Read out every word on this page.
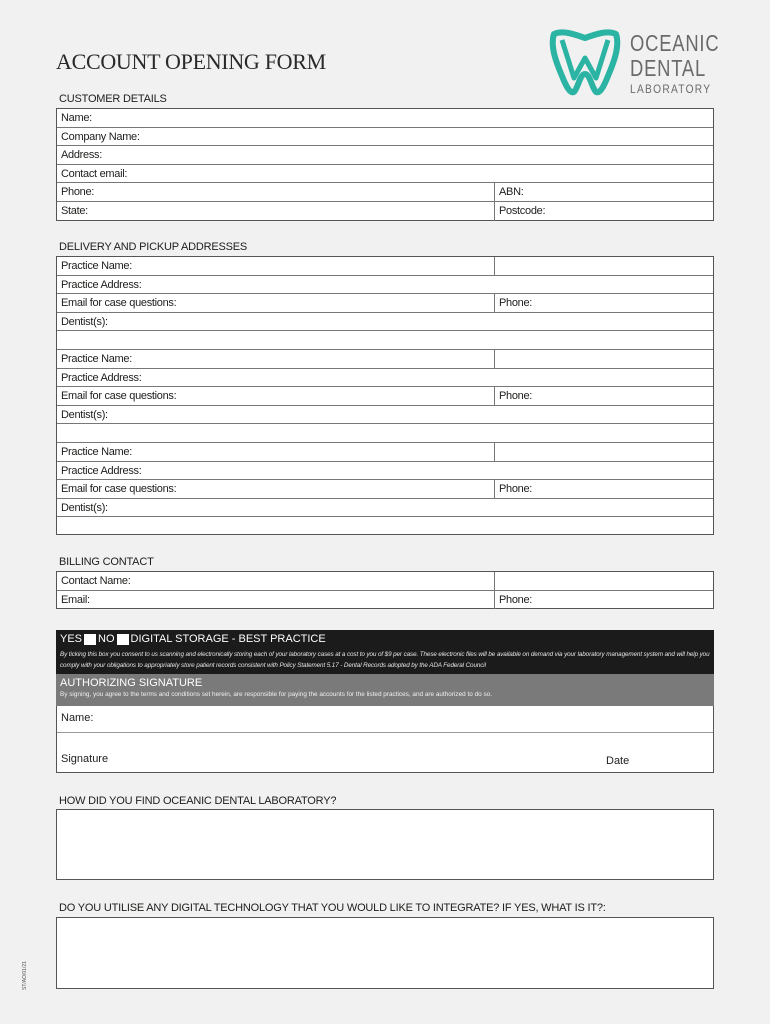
ACCOUNT OPENING FORM
OCEANIC
DENTAL
LABORATORY
CUSTOMER DETAILS
Name:
Company Name:
Address:
Contact email:
Phone:	ABN:
State:	Postcode:
DELIVERY AND PICKUP ADDRESSES
Practice Name:
Practice Address:
Email for case questions:	Phone:
Dentist(s):
Practice Name:
Practice Address:
Email for case questions:	Phone:
Dentist(s):
Practice Name:
Practice Address:
Email for case questions:	Phone:
Dentist(s):
BILLING CONTACT
Contact Name:
Email:	Phone:
YES NO DIGITAL STORAGE - BEST PRACTICE
By ticking this box you consent to us scanning and electronically storing each of your laboratory cases at a cost to you of $9 per case. These electronic files will be available on demand via your laboratory management system and will help you comply with your obligations to appropriately store patient records consistent with Policy Statement 5.17 - Dental Records adopted by the ADA Federal Council
AUTHORIZING SIGNATURE
By signing, you agree to the terms and conditions set herein, are responsible for paying the accounts for the listed practices, and are authorized to do so.
Name:
Signature	Date
HOW DID YOU FIND OCEANIC DENTAL LABORATORY?
DO YOU UTILISE ANY DIGITAL TECHNOLOGY THAT YOU WOULD LIKE TO INTEGRATE? IF YES, WHAT IS IT?:
ST/AO/01/21
